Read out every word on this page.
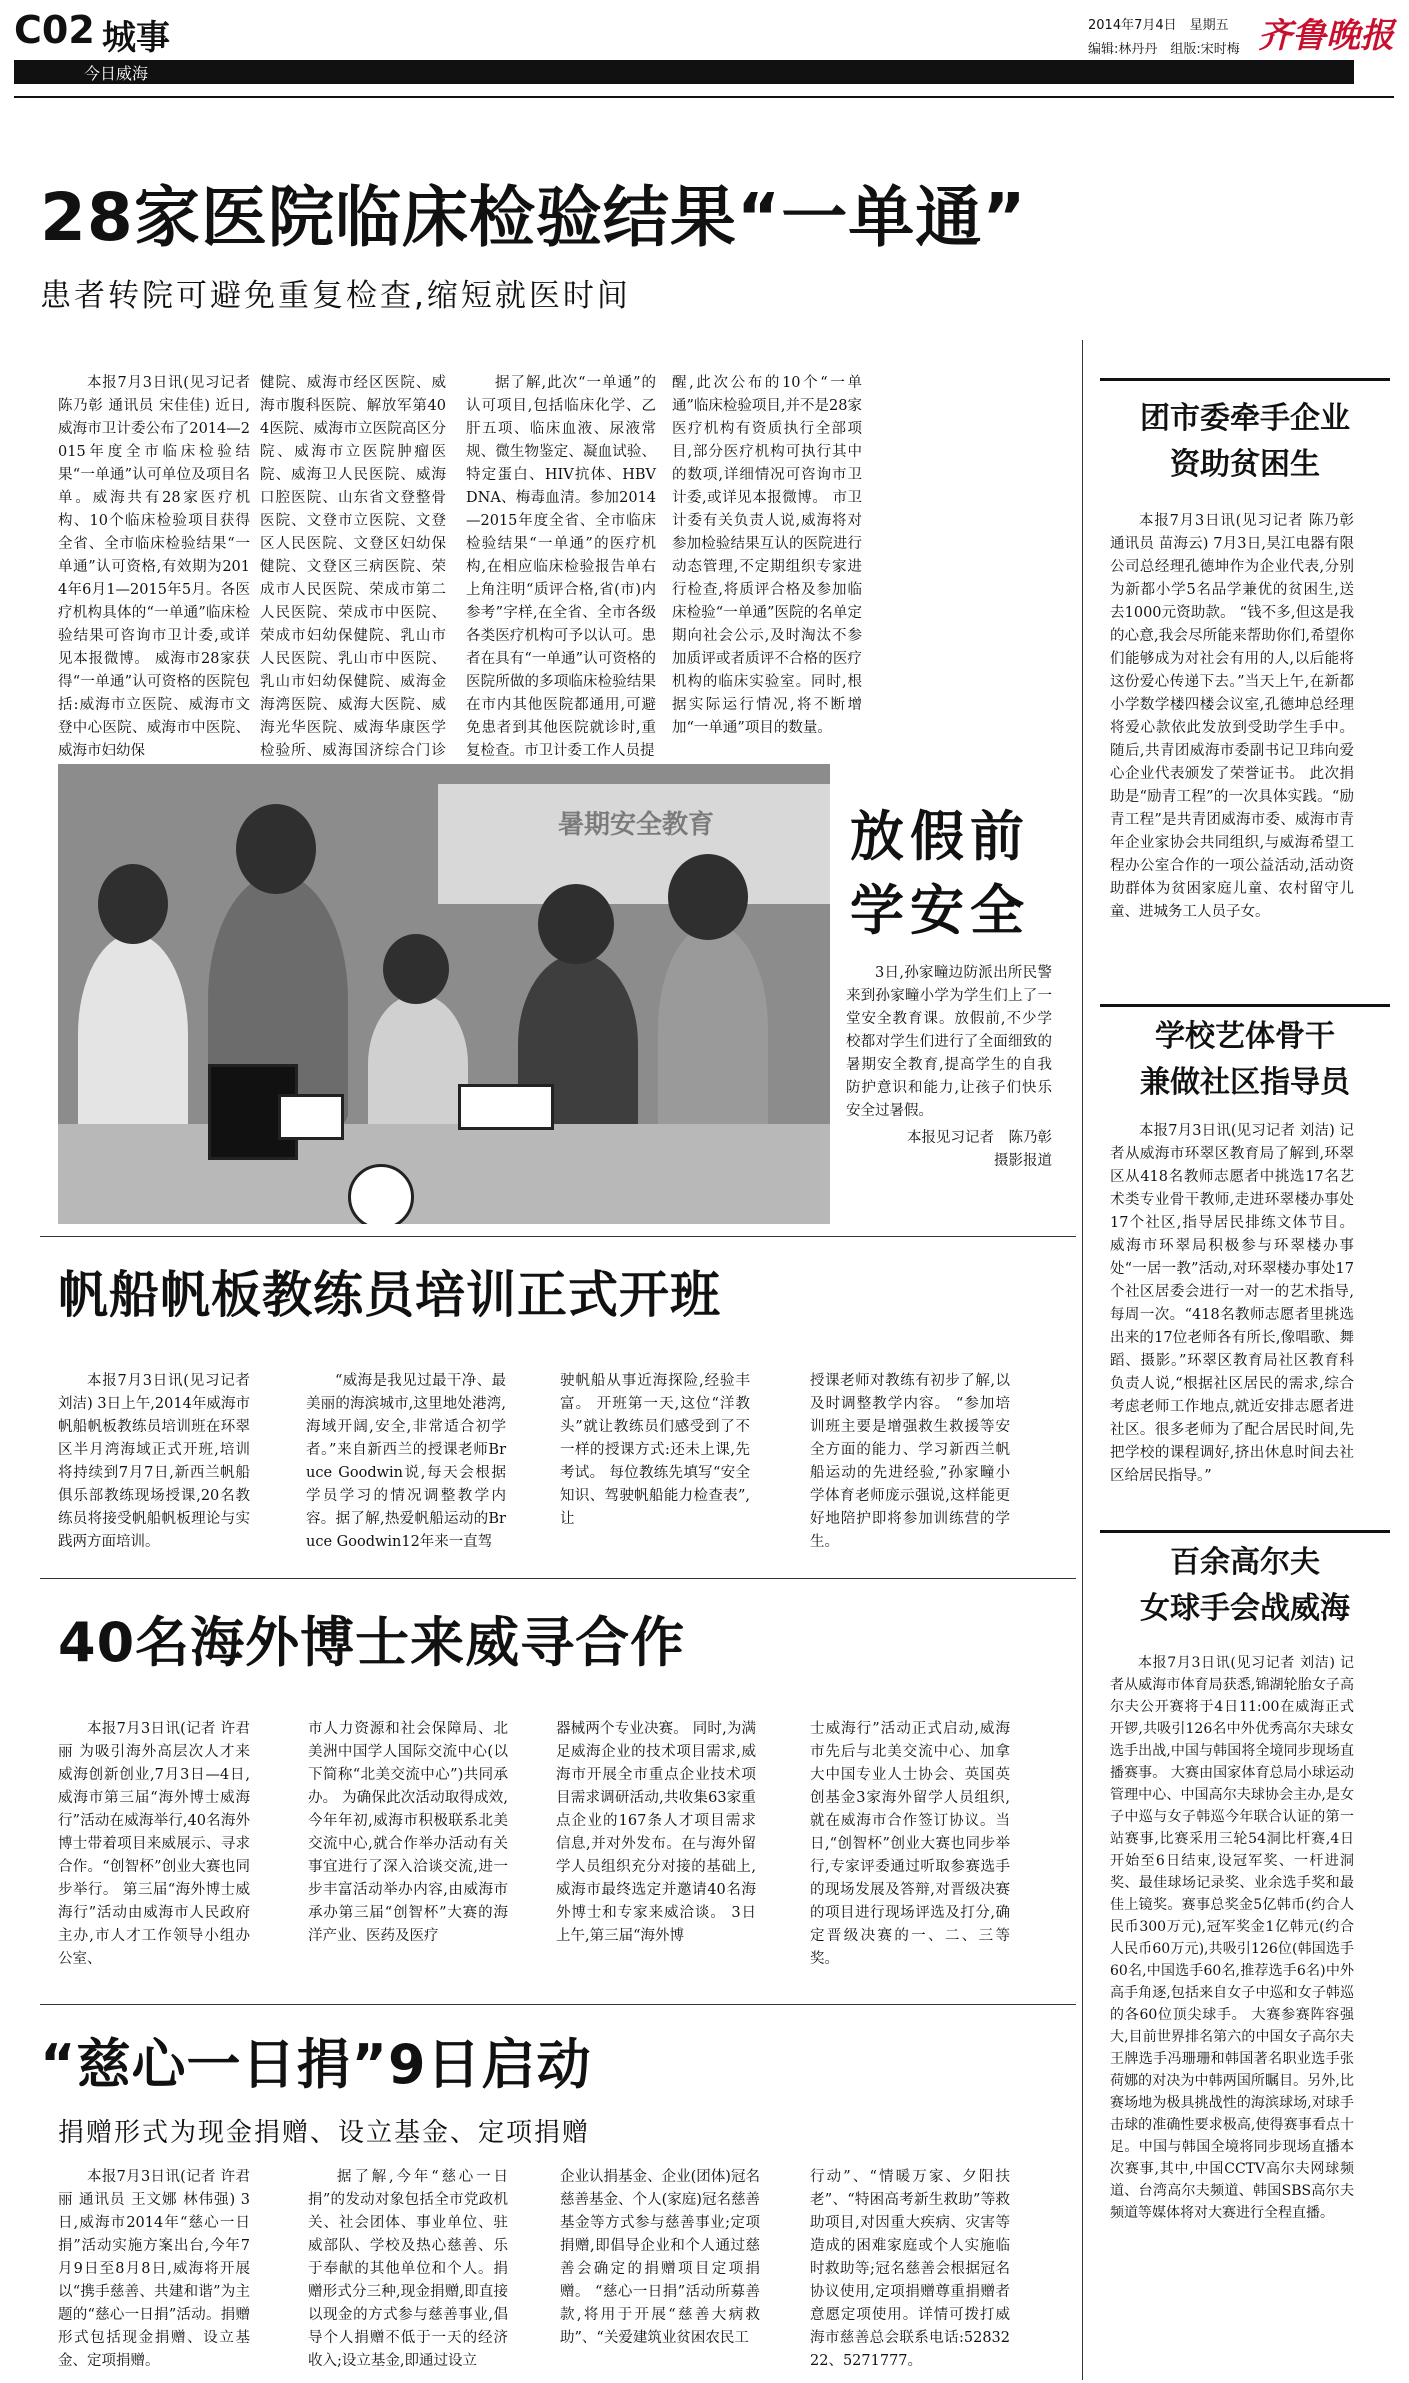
C02 城事
今日威海
2014年7月4日　星期五
编辑:林丹丹　组版:宋时梅 齐鲁晚报
28家医院临床检验结果“一单通”
患者转院可避免重复检查,缩短就医时间

本报7月3日讯(见习记者 陈乃彰 通讯员 宋佳佳) 近日,威海市卫计委公布了2014—2015年度全市临床检验结果“一单通”认可单位及项目名单。威海共有28家医疗机构、10个临床检验项目获得全省、全市临床检验结果“一单通”认可资格,有效期为2014年6月1—2015年5月。各医疗机构具体的“一单通”临床检验结果可咨询市卫计委,或详见本报微博。 威海市28家获得“一单通”认可资格的医院包括:威海市立医院、威海市文登中心医院、威海市中医院、威海市妇幼保

健院、威海市经区医院、威海市腹科医院、解放军第404医院、威海市立医院高区分院、威海市立医院肿瘤医院、威海卫人民医院、威海口腔医院、山东省文登整骨医院、文登市立医院、文登区人民医院、文登区妇幼保健院、文登区三病医院、荣成市人民医院、荣成市第二人民医院、荣成市中医院、荣成市妇幼保健院、乳山市人民医院、乳山市中医院、乳山市妇幼保健院、威海金海湾医院、威海大医院、威海光华医院、威海华康医学检验所、威海国济综合门诊

据了解,此次“一单通”的认可项目,包括临床化学、乙肝五项、临床血液、尿液常规、微生物鉴定、凝血试验、特定蛋白、HIV抗体、HBVDNA、梅毒血清。参加2014—2015年度全省、全市临床检验结果“一单通”的医疗机构,在相应临床检验报告单右上角注明“质评合格,省(市)内参考”字样,在全省、全市各级各类医疗机构可予以认可。患者在具有“一单通”认可资格的医院所做的多项临床检验结果在市内其他医院都通用,可避免患者到其他医院就诊时,重复检查。市卫计委工作人员提

醒,此次公布的10个“一单通”临床检验项目,并不是28家医疗机构有资质执行全部项目,部分医疗机构可执行其中的数项,详细情况可咨询市卫计委,或详见本报微博。 市卫计委有关负责人说,威海将对参加检验结果互认的医院进行动态管理,不定期组织专家进行检查,将质评合格及参加临床检验“一单通”医院的名单定期向社会公示,及时淘汰不参加质评或者质评不合格的医疗机构的临床实验室。同时,根据实际运行情况,将不断增加“一单通”项目的数量。

暑期安全教育	放假前
学安全

3日,孙家疃边防派出所民警来到孙家疃小学为学生们上了一堂安全教育课。放假前,不少学校都对学生们进行了全面细致的暑期安全教育,提高学生的自我防护意识和能力,让孩子们快乐安全过暑假。

本报见习记者　陈乃彰
摄影报道
帆船帆板教练员培训正式开班

本报7月3日讯(见习记者 刘洁) 3日上午,2014年威海市帆船帆板教练员培训班在环翠区半月湾海域正式开班,培训将持续到7月7日,新西兰帆船俱乐部教练现场授课,20名教练员将接受帆船帆板理论与实践两方面培训。

“威海是我见过最干净、最美丽的海滨城市,这里地处港湾,海域开阔,安全,非常适合初学者。”来自新西兰的授课老师Bruce Goodwin说,每天会根据学员学习的情况调整教学内容。据了解,热爱帆船运动的Bruce Goodwin12年来一直驾

驶帆船从事近海探险,经验丰富。 开班第一天,这位“洋教头”就让教练员们感受到了不一样的授课方式:还未上课,先考试。 每位教练先填写“安全知识、驾驶帆船能力检查表”,让

授课老师对教练有初步了解,以及时调整教学内容。 “参加培训班主要是增强救生救援等安全方面的能力、学习新西兰帆船运动的先进经验,”孙家疃小学体育老师庞示强说,这样能更好地陪护即将参加训练营的学生。

40名海外博士来威寻合作

本报7月3日讯(记者 许君丽 为吸引海外高层次人才来威海创新创业,7月3日—4日,威海市第三届“海外博士威海行”活动在威海举行,40名海外博士带着项目来威展示、寻求合作。“创智杯”创业大赛也同步举行。 第三届“海外博士威海行”活动由威海市人民政府主办,市人才工作领导小组办公室、

市人力资源和社会保障局、北美洲中国学人国际交流中心(以下简称“北美交流中心”)共同承办。 为确保此次活动取得成效,今年年初,威海市积极联系北美交流中心,就合作举办活动有关事宜进行了深入洽谈交流,进一步丰富活动举办内容,由威海市承办第三届“创智杯”大赛的海洋产业、医药及医疗

器械两个专业决赛。 同时,为满足威海企业的技术项目需求,威海市开展全市重点企业技术项目需求调研活动,共收集63家重点企业的167条人才项目需求信息,并对外发布。在与海外留学人员组织充分对接的基础上,威海市最终选定并邀请40名海外博士和专家来威洽谈。 3日上午,第三届“海外博

士威海行”活动正式启动,威海市先后与北美交流中心、加拿大中国专业人士协会、英国英创基金3家海外留学人员组织,就在威海市合作签订协议。当日,“创智杯”创业大赛也同步举行,专家评委通过听取参赛选手的现场发展及答辩,对晋级决赛的项目进行现场评选及打分,确定晋级决赛的一、二、三等奖。

“慈心一日捐”9日启动
捐赠形式为现金捐赠、设立基金、定项捐赠

本报7月3日讯(记者 许君丽 通讯员 王文娜 林伟强) 3日,威海市2014年“慈心一日捐”活动实施方案出台,今年7月9日至8月8日,威海将开展以“携手慈善、共建和谐”为主题的“慈心一日捐”活动。捐赠形式包括现金捐赠、设立基金、定项捐赠。

据了解,今年“慈心一日捐”的发动对象包括全市党政机关、社会团体、事业单位、驻威部队、学校及热心慈善、乐于奉献的其他单位和个人。捐赠形式分三种,现金捐赠,即直接以现金的方式参与慈善事业,倡导个人捐赠不低于一天的经济收入;设立基金,即通过设立

企业认捐基金、企业(团体)冠名慈善基金、个人(家庭)冠名慈善基金等方式参与慈善事业;定项捐赠,即倡导企业和个人通过慈善会确定的捐赠项目定项捐赠。 “慈心一日捐”活动所募善款,将用于开展“慈善大病救助”、“关爱建筑业贫困农民工

行动”、“情暖万家、夕阳扶老”、“特困高考新生救助”等救助项目,对因重大疾病、灾害等造成的困难家庭或个人实施临时救助等;冠名慈善会根据冠名协议使用,定项捐赠尊重捐赠者意愿定项使用。详情可拨打威海市慈善总会联系电话:5283222、5271777。

团市委牵手企业
资助贫困生

本报7月3日讯(见习记者 陈乃彰 通讯员 苗海云) 7月3日,昊江电器有限公司总经理孔德坤作为企业代表,分别为新都小学5名品学兼优的贫困生,送去1000元资助款。 “钱不多,但这是我的心意,我会尽所能来帮助你们,希望你们能够成为对社会有用的人,以后能将这份爱心传递下去。”当天上午,在新都小学数学楼四楼会议室,孔德坤总经理将爱心款依此发放到受助学生手中。随后,共青团威海市委副书记卫玮向爱心企业代表颁发了荣誉证书。 此次捐助是“励青工程”的一次具体实践。“励青工程”是共青团威海市委、威海市青年企业家协会共同组织,与威海希望工程办公室合作的一项公益活动,活动资助群体为贫困家庭儿童、农村留守儿童、进城务工人员子女。

学校艺体骨干
兼做社区指导员

本报7月3日讯(见习记者 刘洁) 记者从威海市环翠区教育局了解到,环翠区从418名教师志愿者中挑选17名艺术类专业骨干教师,走进环翠楼办事处17个社区,指导居民排练文体节目。 威海市环翠局积极参与环翠楼办事处“一居一教”活动,对环翠楼办事处17个社区居委会进行一对一的艺术指导,每周一次。“418名教师志愿者里挑选出来的17位老师各有所长,像唱歌、舞蹈、摄影。”环翠区教育局社区教育科负责人说,“根据社区居民的需求,综合考虑老师工作地点,就近安排志愿者进社区。很多老师为了配合居民时间,先把学校的课程调好,挤出休息时间去社区给居民指导。”

百余高尔夫
女球手会战威海

本报7月3日讯(见习记者 刘洁) 记者从威海市体育局获悉,锦湖轮胎女子高尔夫公开赛将于4日11:00在威海正式开锣,共吸引126名中外优秀高尔夫球女选手出战,中国与韩国将全境同步现场直播赛事。 大赛由国家体育总局小球运动管理中心、中国高尔夫球协会主办,是女子中巡与女子韩巡今年联合认证的第一站赛事,比赛采用三轮54洞比杆赛,4日开始至6日结束,设冠军奖、一杆进洞奖、最佳球场记录奖、业余选手奖和最佳上镜奖。赛事总奖金5亿韩币(约合人民币300万元),冠军奖金1亿韩元(约合人民币60万元),共吸引126位(韩国选手60名,中国选手60名,推荐选手6名)中外高手角逐,包括来自女子中巡和女子韩巡的各60位顶尖球手。 大赛参赛阵容强大,目前世界排名第六的中国女子高尔夫王牌选手冯珊珊和韩国著名职业选手张荷娜的对决为中韩两国所瞩目。另外,比赛场地为极具挑战性的海滨球场,对球手击球的准确性要求极高,使得赛事看点十足。中国与韩国全境将同步现场直播本次赛事,其中,中国CCTV高尔夫网球频道、台湾高尔夫频道、韩国SBS高尔夫频道等媒体将对大赛进行全程直播。
